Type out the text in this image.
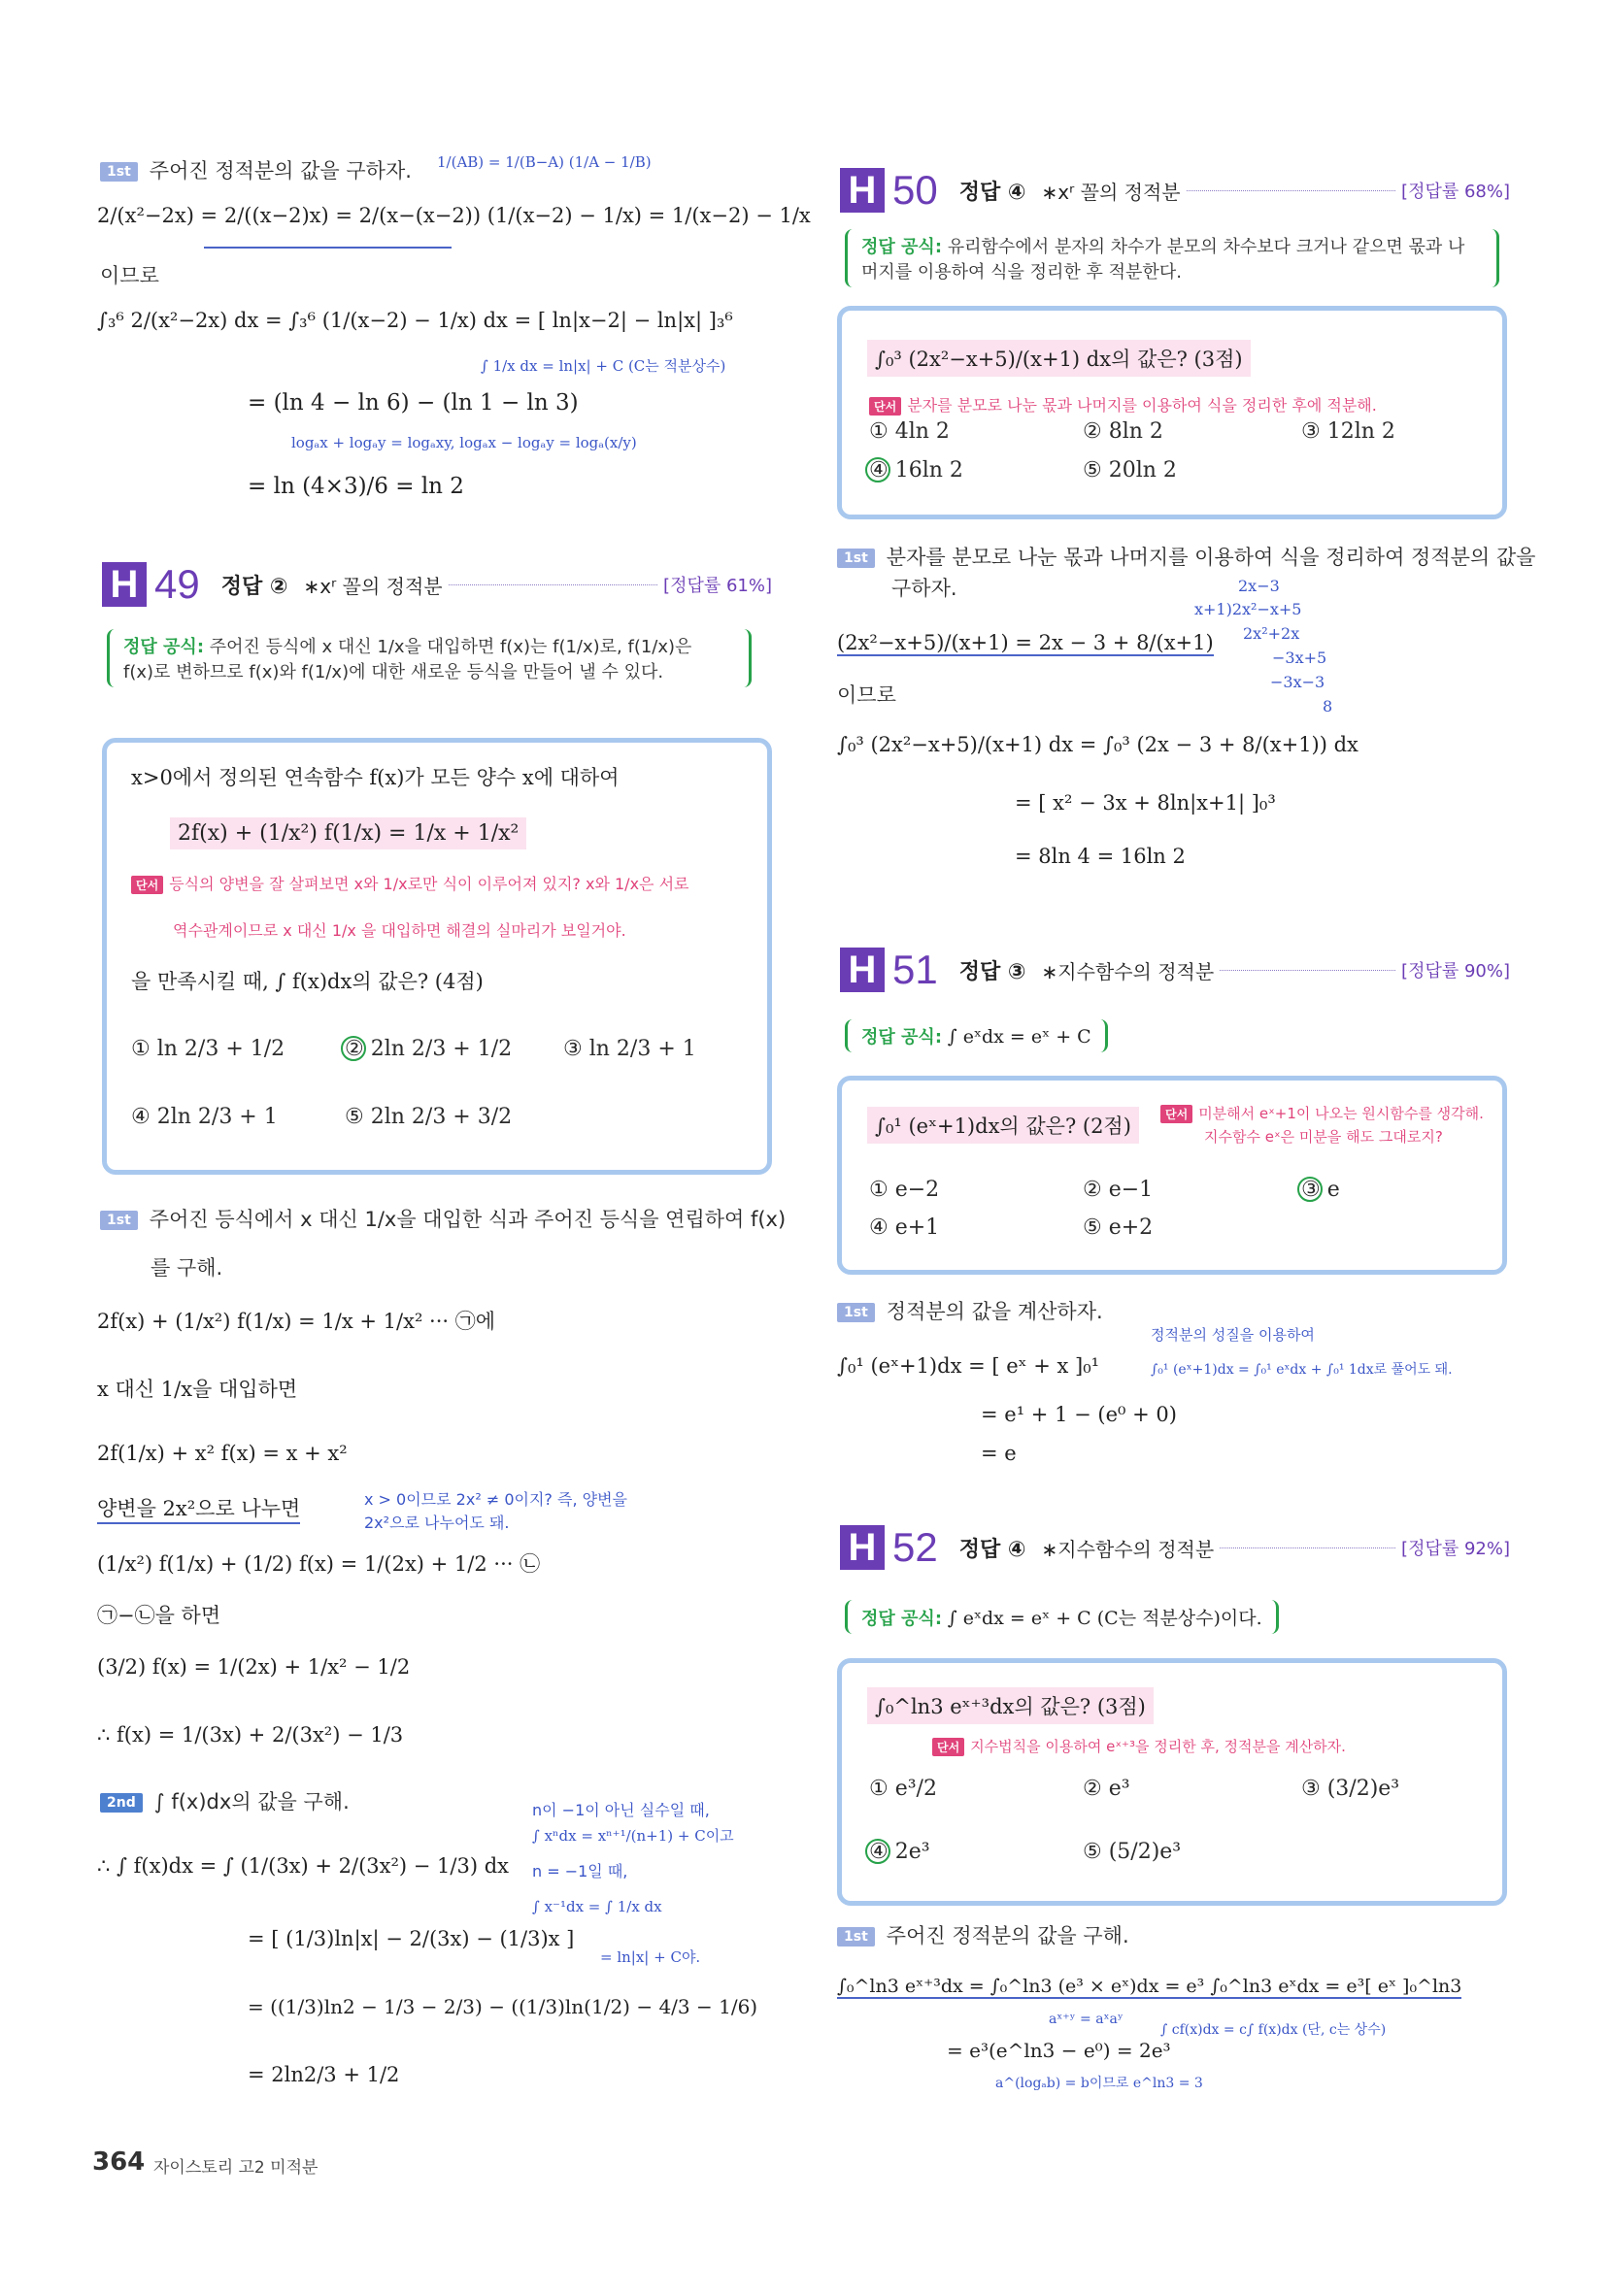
1st 주어진 정적분의 값을 구하자. 1/(AB) = 1/(B−A) (1/A − 1/B)
2/(x²−2x) = 2/((x−2)x) = 2/(x−(x−2)) (1/(x−2) − 1/x) = 1/(x−2) − 1/x
이므로
∫₃⁶ 2/(x²−2x) dx = ∫₃⁶ (1/(x−2) − 1/x) dx = [ ln|x−2| − ln|x| ]₃⁶
∫ 1/x dx = ln|x| + C (C는 적분상수)
= (ln 4 − ln 6) − (ln 1 − ln 3)
logₐx + logₐy = logₐxy, logₐx − logₐy = logₐ(x/y)
= ln (4×3)/6 = ln 2
H 49 정답 ② ∗xʳ 꼴의 정적분	[정답률 61%]
정답 공식: 주어진 등식에 x 대신 1/x을 대입하면 f(x)는 f(1/x)로, f(1/x)은
f(x)로 변하므로 f(x)와 f(1/x)에 대한 새로운 등식을 만들어 낼 수 있다.
x>0에서 정의된 연속함수 f(x)가 모든 양수 x에 대하여
2f(x) + (1/x²) f(1/x) = 1/x + 1/x²
단서 등식의 양변을 잘 살펴보면 x와 1/x로만 식이 이루어져 있지? x와 1/x은 서로
역수관계이므로 x 대신 1/x 을 대입하면 해결의 실마리가 보일거야.
을 만족시킬 때, ∫ f(x)dx의 값은? (4점)
① ln 2/3 + 1/2	② 2ln 2/3 + 1/2 ③ ln 2/3 + 1
④ 2ln 2/3 + 1	⑤ 2ln 2/3 + 3/2
1st 주어진 등식에서 x 대신 1/x을 대입한 식과 주어진 등식을 연립하여 f(x)
를 구해.
2f(x) + (1/x²) f(1/x) = 1/x + 1/x² ··· ㉠에
x 대신 1/x을 대입하면
2f(1/x) + x² f(x) = x + x²
양변을 2x²으로 나누면	x > 0이므로 2x² ≠ 0이지? 즉, 양변을
2x²으로 나누어도 돼.
(1/x²) f(1/x) + (1/2) f(x) = 1/(2x) + 1/2 ··· ㉡
㉠−㉡을 하면
(3/2) f(x) = 1/(2x) + 1/x² − 1/2
∴ f(x) = 1/(3x) + 2/(3x²) − 1/3
2nd ∫ f(x)dx의 값을 구해.
∴ ∫ f(x)dx = ∫ (1/(3x) + 2/(3x²) − 1/3) dx
n이 −1이 아닌 실수일 때,
∫ xⁿdx = xⁿ⁺¹/(n+1) + C이고
n = −1일 때,
∫ x⁻¹dx = ∫ 1/x dx
= ln|x| + C야.
= [ (1/3)ln|x| − 2/(3x) − (1/3)x ]
= ((1/3)ln2 − 1/3 − 2/3) − ((1/3)ln(1/2) − 4/3 − 1/6)
= 2ln2/3 + 1/2
H 50 정답 ④ ∗xʳ 꼴의 정적분	[정답률 68%]
정답 공식: 유리함수에서 분자의 차수가 분모의 차수보다 크거나 같으면 몫과 나
머지를 이용하여 식을 정리한 후 적분한다.
∫₀³ (2x²−x+5)/(x+1) dx의 값은? (3점)
단서 분자를 분모로 나눈 몫과 나머지를 이용하여 식을 정리한 후에 적분해.
① 4ln 2	② 8ln 2	③ 12ln 2
④ 16ln 2	⑤ 20ln 2
1st 분자를 분모로 나눈 몫과 나머지를 이용하여 식을 정리하여 정적분의 값을
구하자.	2x−3
x+1)2x²−x+5
2x²+2x
−3x+5
−3x−3
8
(2x²−x+5)/(x+1) = 2x − 3 + 8/(x+1)
이므로
∫₀³ (2x²−x+5)/(x+1) dx = ∫₀³ (2x − 3 + 8/(x+1)) dx
= [ x² − 3x + 8ln|x+1| ]₀³
= 8ln 4 = 16ln 2
H 51 정답 ③ ∗지수함수의 정적분	[정답률 90%]
정답 공식: ∫ eˣdx = eˣ + C
∫₀¹ (eˣ+1)dx의 값은? (2점)	단서 미분해서 eˣ+1이 나오는 원시함수를 생각해.
지수함수 eˣ은 미분을 해도 그대로지?
① e−2	② e−1	③ e
④ e+1	⑤ e+2
1st 정적분의 값을 계산하자.
∫₀¹ (eˣ+1)dx = [ eˣ + x ]₀¹
정적분의 성질을 이용하여
∫₀¹ (eˣ+1)dx = ∫₀¹ eˣdx + ∫₀¹ 1dx로 풀어도 돼.
= e¹ + 1 − (e⁰ + 0)
= e
H 52 정답 ④ ∗지수함수의 정적분	[정답률 92%]
정답 공식: ∫ eˣdx = eˣ + C (C는 적분상수)이다.
∫₀^ln3 eˣ⁺³dx의 값은? (3점)
단서 지수법칙을 이용하여 eˣ⁺³을 정리한 후, 정적분을 계산하자.
① e³/2	② e³	③ (3/2)e³
④ 2e³	⑤ (5/2)e³
1st 주어진 정적분의 값을 구해.
∫₀^ln3 eˣ⁺³dx = ∫₀^ln3 (e³ × eˣ)dx = e³ ∫₀^ln3 eˣdx = e³[ eˣ ]₀^ln3
aˣ⁺ʸ = aˣaʸ
∫ cf(x)dx = c∫ f(x)dx (단, c는 상수)
= e³(e^ln3 − e⁰) = 2e³
a^(logₐb) = b이므로 e^ln3 = 3
364 자이스토리 고2 미적분
